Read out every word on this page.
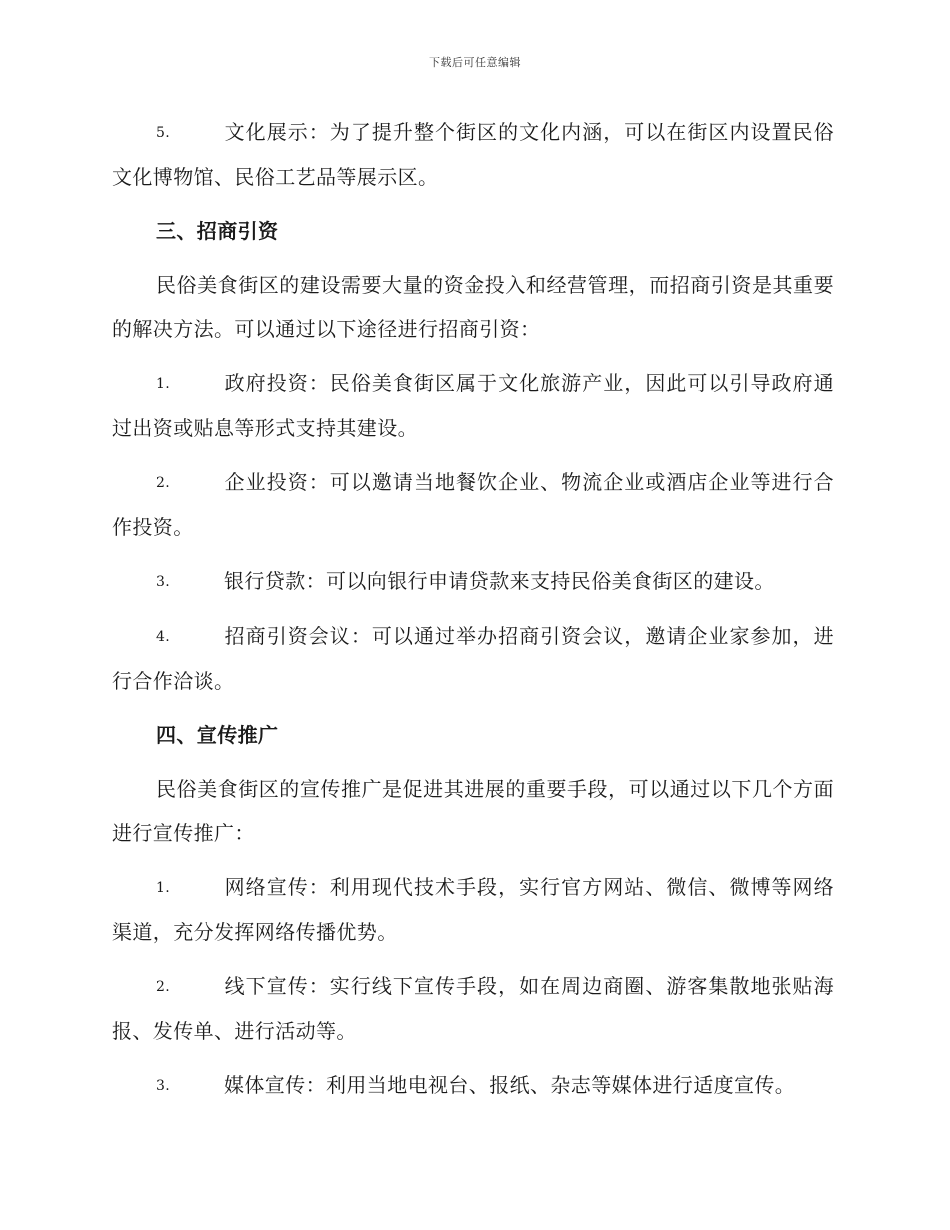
下载后可任意编辑

5.	文化展示：为了提升整个街区的文化内涵，可以在街区内设置民俗文化博物馆、民俗工艺品等展示区。

三、招商引资

民俗美食街区的建设需要大量的资金投入和经营管理，而招商引资是其重要的解决方法。可以通过以下途径进行招商引资：

1.	政府投资：民俗美食街区属于文化旅游产业，因此可以引导政府通过出资或贴息等形式支持其建设。

2.	企业投资：可以邀请当地餐饮企业、物流企业或酒店企业等进行合作投资。

3.	银行贷款：可以向银行申请贷款来支持民俗美食街区的建设。

4.	招商引资会议：可以通过举办招商引资会议，邀请企业家参加，进行合作洽谈。

四、宣传推广

民俗美食街区的宣传推广是促进其进展的重要手段，可以通过以下几个方面进行宣传推广：

1.	网络宣传：利用现代技术手段，实行官方网站、微信、微博等网络渠道，充分发挥网络传播优势。

2.	线下宣传：实行线下宣传手段，如在周边商圈、游客集散地张贴海报、发传单、进行活动等。

3.	媒体宣传：利用当地电视台、报纸、杂志等媒体进行适度宣传。
